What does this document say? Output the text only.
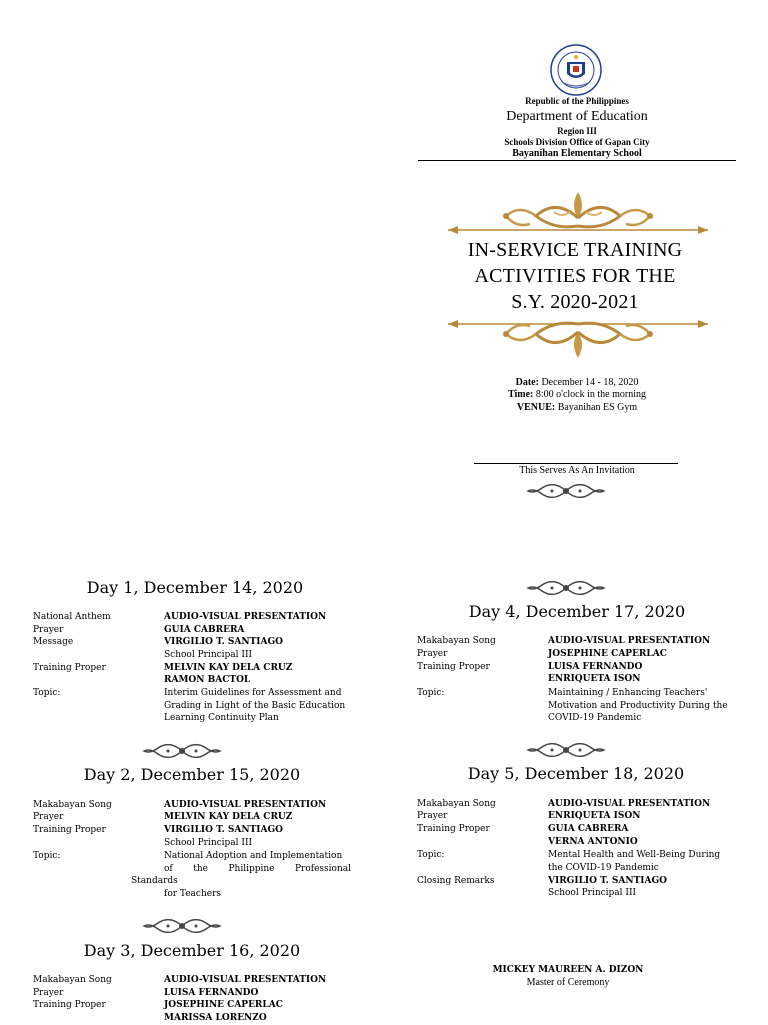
Republic of the Philippines
Department of Education
Region III
Schools Division Office of Gapan City
Bayanihan Elementary School
IN-SERVICE TRAINING
ACTIVITIES FOR THE
S.Y. 2020-2021
Date: December 14 - 18, 2020
Time: 8:00 o'clock in the morning
VENUE: Bayanihan ES Gym
This Serves As An Invitation
Day 1, December 14, 2020
National Anthem	AUDIO-VISUAL PRESENTATION
Prayer	GUIA CABRERA
Message	VIRGILIO T. SANTIAGO
School Principal III
Training Proper	MELVIN KAY DELA CRUZ
RAMON BACTOL
Topic:	Interim Guidelines for Assessment and
Grading in Light of the Basic Education
Learning Continuity Plan
Day 2, December 15, 2020
Makabayan Song	AUDIO-VISUAL PRESENTATION
Prayer	MELVIN KAY DELA CRUZ
Training Proper	VIRGILIO T. SANTIAGO
School Principal III
Topic:	National Adoption and Implementation
of the Philippine Professional
Standards
for Teachers
Day 3, December 16, 2020
Makabayan Song	AUDIO-VISUAL PRESENTATION
Prayer	LUISA FERNANDO
Training Proper	JOSEPHINE CAPERLAC
MARISSA LORENZO
Day 4, December 17, 2020
Makabayan Song	AUDIO-VISUAL PRESENTATION
Prayer	JOSEPHINE CAPERLAC
Training Proper	LUISA FERNANDO
ENRIQUETA ISON
Topic:	Maintaining / Enhancing Teachers'
Motivation and Productivity During the
COVID-19 Pandemic
Day 5, December 18, 2020
Makabayan Song	AUDIO-VISUAL PRESENTATION
Prayer	ENRIQUETA ISON
Training Proper	GUIA CABRERA
VERNA ANTONIO
Topic:	Mental Health and Well-Being During
the COVID-19 Pandemic
Closing Remarks	VIRGILIO T. SANTIAGO
School Principal III
MICKEY MAUREEN A. DIZON
Master of Ceremony
